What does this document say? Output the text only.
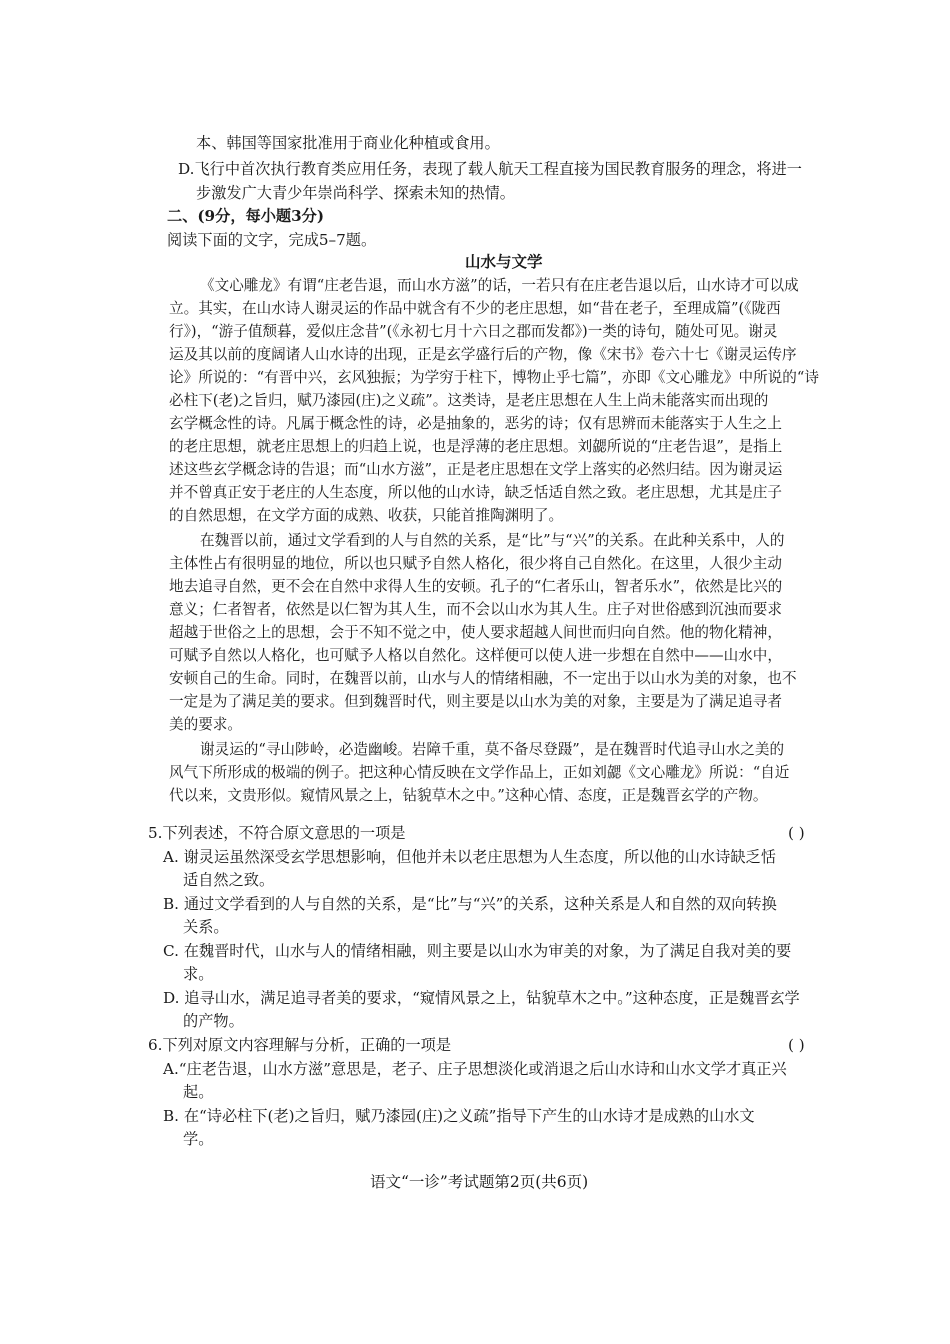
本、韩国等国家批准用于商业化种植或食用。
D.飞行中首次执行教育类应用任务，表现了载人航天工程直接为国民教育服务的理念，将进一
步激发广大青少年崇尚科学、探索未知的热情。
二、(9分，每小题3分)
阅读下面的文字，完成5–7题。
山水与文学
《文心雕龙》有谓“庄老告退，而山水方滋”的话，一若只有在庄老告退以后，山水诗才可以成
立。其实，在山水诗人谢灵运的作品中就含有不少的老庄思想，如“昔在老子，至理成篇”(《陇西
行》)，“游子值颓暮，爱似庄念昔”(《永初七月十六日之郡而发都》)一类的诗句，随处可见。谢灵
运及其以前的度阔诸人山水诗的出现，正是玄学盛行后的产物，像《宋书》卷六十七《谢灵运传序
论》所说的：“有晋中兴，玄风独振；为学穷于柱下，博物止乎七篇”，亦即《文心雕龙》中所说的“诗
必柱下(老)之旨归，赋乃漆园(庄)之义疏”。这类诗，是老庄思想在人生上尚未能落实而出现的
玄学概念性的诗。凡属于概念性的诗，必是抽象的，恶劣的诗；仅有思辨而未能落实于人生之上
的老庄思想，就老庄思想上的归趋上说，也是浮薄的老庄思想。刘勰所说的“庄老告退”，是指上
述这些玄学概念诗的告退；而“山水方滋”，正是老庄思想在文学上落实的必然归结。因为谢灵运
并不曾真正安于老庄的人生态度，所以他的山水诗，缺乏恬适自然之致。老庄思想，尤其是庄子
的自然思想，在文学方面的成熟、收获，只能首推陶渊明了。
在魏晋以前，通过文学看到的人与自然的关系，是“比”与“兴”的关系。在此种关系中，人的
主体性占有很明显的地位，所以也只赋予自然人格化，很少将自己自然化。在这里，人很少主动
地去追寻自然，更不会在自然中求得人生的安顿。孔子的“仁者乐山，智者乐水”，依然是比兴的
意义；仁者智者，依然是以仁智为其人生，而不会以山水为其人生。庄子对世俗感到沉浊而要求
超越于世俗之上的思想，会于不知不觉之中，使人要求超越人间世而归向自然。他的物化精神，
可赋予自然以人格化，也可赋予人格以自然化。这样便可以使人进一步想在自然中——山水中，
安顿自己的生命。同时，在魏晋以前，山水与人的情绪相融，不一定出于以山水为美的对象，也不
一定是为了满足美的要求。但到魏晋时代，则主要是以山水为美的对象，主要是为了满足追寻者
美的要求。
谢灵运的“寻山陟岭，必造幽峻。岩障千重，莫不备尽登蹑”，是在魏晋时代追寻山水之美的
风气下所形成的极端的例子。把这种心情反映在文学作品上，正如刘勰《文心雕龙》所说：“自近
代以来，文贵形似。窥情风景之上，钻貌草木之中。”这种心情、态度，正是魏晋玄学的产物。
5.下列表述，不符合原文意思的一项是	( )
A. 谢灵运虽然深受玄学思想影响，但他并未以老庄思想为人生态度，所以他的山水诗缺乏恬
适自然之致。
B. 通过文学看到的人与自然的关系，是“比”与“兴”的关系，这种关系是人和自然的双向转换
关系。
C. 在魏晋时代，山水与人的情绪相融，则主要是以山水为审美的对象，为了满足自我对美的要
求。
D. 追寻山水，满足追寻者美的要求，“窥情风景之上，钻貌草木之中。”这种态度，正是魏晋玄学
的产物。
6.下列对原文内容理解与分析，正确的一项是	( )
A.“庄老告退，山水方滋”意思是，老子、庄子思想淡化或消退之后山水诗和山水文学才真正兴
起。
B. 在“诗必柱下(老)之旨归，赋乃漆园(庄)之义疏”指导下产生的山水诗才是成熟的山水文
学。
语文“一诊”考试题第2页(共6页)
